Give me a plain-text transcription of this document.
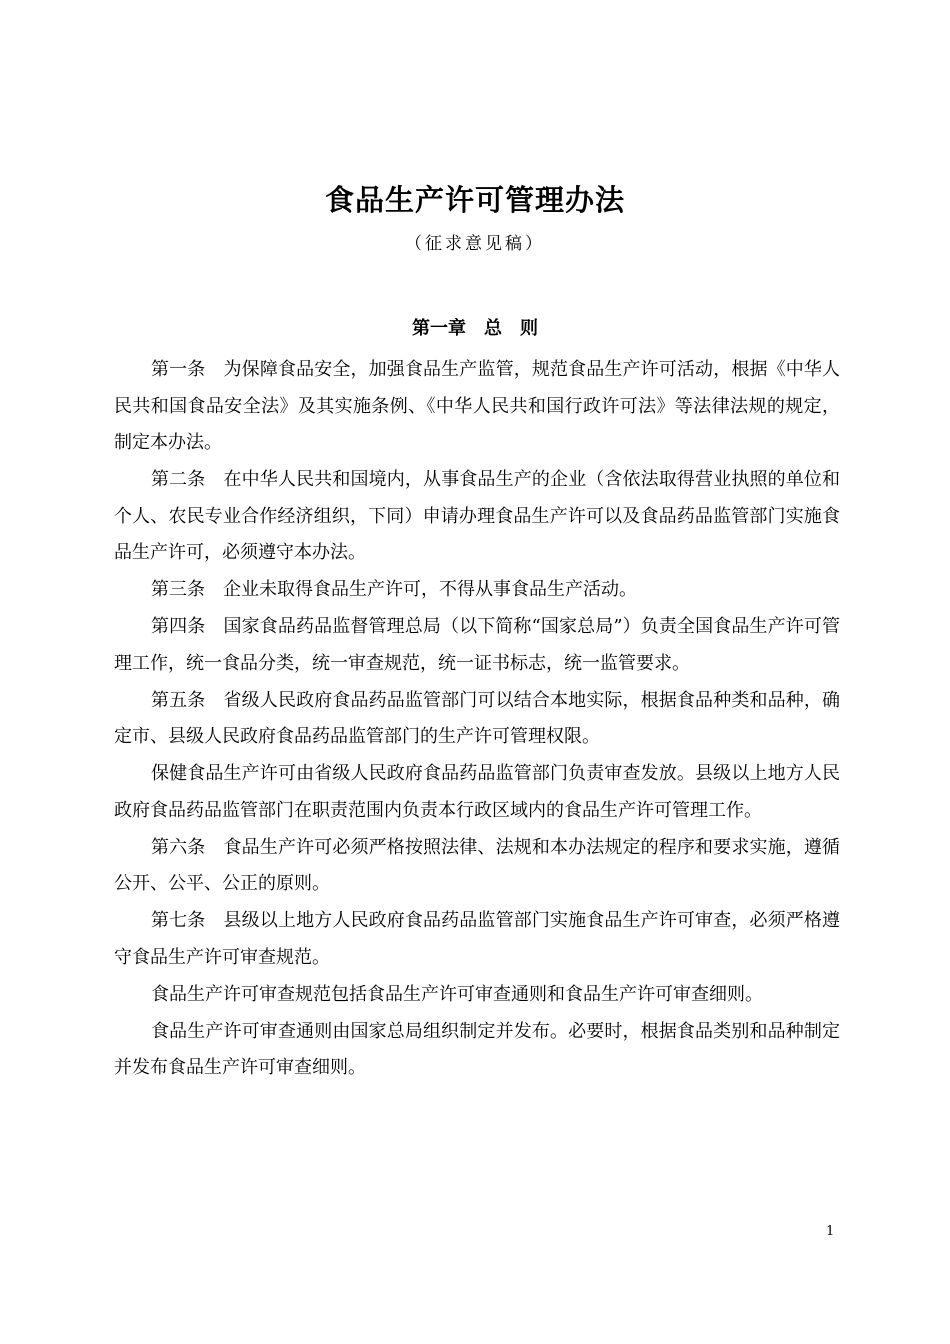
食品生产许可管理办法

（征求意见稿）

第一章　总　则

第一条　 为保障食品安全，加强食品生产监管，规范食品生产许可活动，根据《中华人民共和国食品安全法》及其实施条例、《中华人民共和国行政许可法》等法律法规的规定，制定本办法。

第二条　 在中华人民共和国境内，从事食品生产的企业（含依法取得营业执照的单位和个人、农民专业合作经济组织，下同）申请办理食品生产许可以及食品药品监管部门实施食品生产许可，必须遵守本办法。

第三条　 企业未取得食品生产许可，不得从事食品生产活动。

第四条　 国家食品药品监督管理总局（以下简称“国家总局”）负责全国食品生产许可管理工作，统一食品分类，统一审查规范，统一证书标志，统一监管要求。

第五条　 省级人民政府食品药品监管部门可以结合本地实际，根据食品种类和品种，确定市、县级人民政府食品药品监管部门的生产许可管理权限。

保健食品生产许可由省级人民政府食品药品监管部门负责审查发放。县级以上地方人民政府食品药品监管部门在职责范围内负责本行政区域内的食品生产许可管理工作。

第六条　 食品生产许可必须严格按照法律、法规和本办法规定的程序和要求实施，遵循公开、公平、公正的原则。

第七条　 县级以上地方人民政府食品药品监管部门实施食品生产许可审查，必须严格遵守食品生产许可审查规范。

食品生产许可审查规范包括食品生产许可审查通则和食品生产许可审查细则。

食品生产许可审查通则由国家总局组织制定并发布。必要时，根据食品类别和品种制定并发布食品生产许可审查细则。

1
